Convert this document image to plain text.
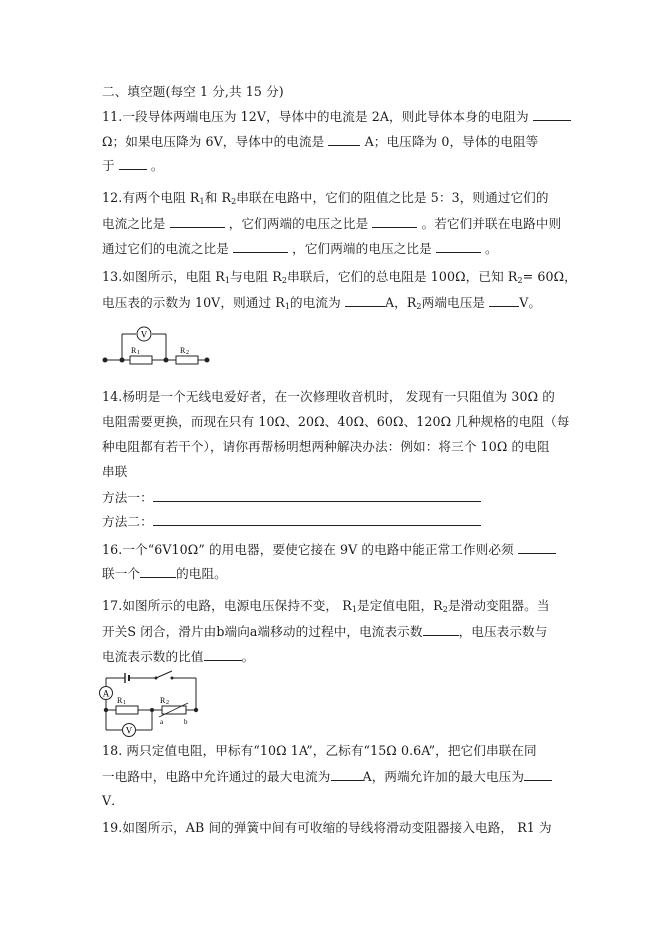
二、填空题(每空 1 分,共 15 分)
11.一段导体两端电压为 12V，导体中的电流是 2A，则此导体本身的电阻为
Ω；如果电压降为 6V，导体中的电流是	A；电压降为 0，导体的电阻等
于	。
12.有两个电阻 $R_1$和 $R_2$串联在电路中，它们的阻值之比是 5：3，则通过它们的
电流之比是	，它们两端的电压之比是	。若它们并联在电路中则
通过它们的电流之比是	，它们两端的电压之比是	。
13.如图所示，电阻 $R_1$与电阻 $R_2$串联后，它们的总电阻是 100Ω，已知 $R_2= 60\Omega$，
电压表的示数为 10V，则通过 $R_1$的电流为	A，$R_2$两端电压是	V。
V
R 1	R 2
14.杨明是一个无线电爱好者，在一次修理收音机时， 发现有一只阻值为 30Ω 的
电阻需要更换，而现在只有 10Ω、20Ω、40Ω、60Ω、120Ω 几种规格的电阻（每
种电阻都有若干个），请你再帮杨明想两种解决办法：例如：将三个 10Ω 的电阻
串联
方法一：
方法二：
16.一个“6V10Ω” 的用电器，要使它接在 9V 的电路中能正常工作则必须
联一个	的电阻。
17.如图所示的电路，电源电压保持不变， $R_1$是定值电阻，$R_2$是滑动变阻器。当
开关S 闭合，滑片由b端向a端移动的过程中，电流表示数	，电压表示数与
电流表示数的比值	。
A
R 1	R 2
a	b
V
18. 两只定值电阻，甲标有“10Ω 1A”，乙标有“15Ω 0.6A”，把它们串联在同
一电路中，电路中允许通过的最大电流为	A，两端允许加的最大电压为
V．
19.如图所示，AB 间的弹簧中间有可收缩的导线将滑动变阻器接入电路， R1 为
